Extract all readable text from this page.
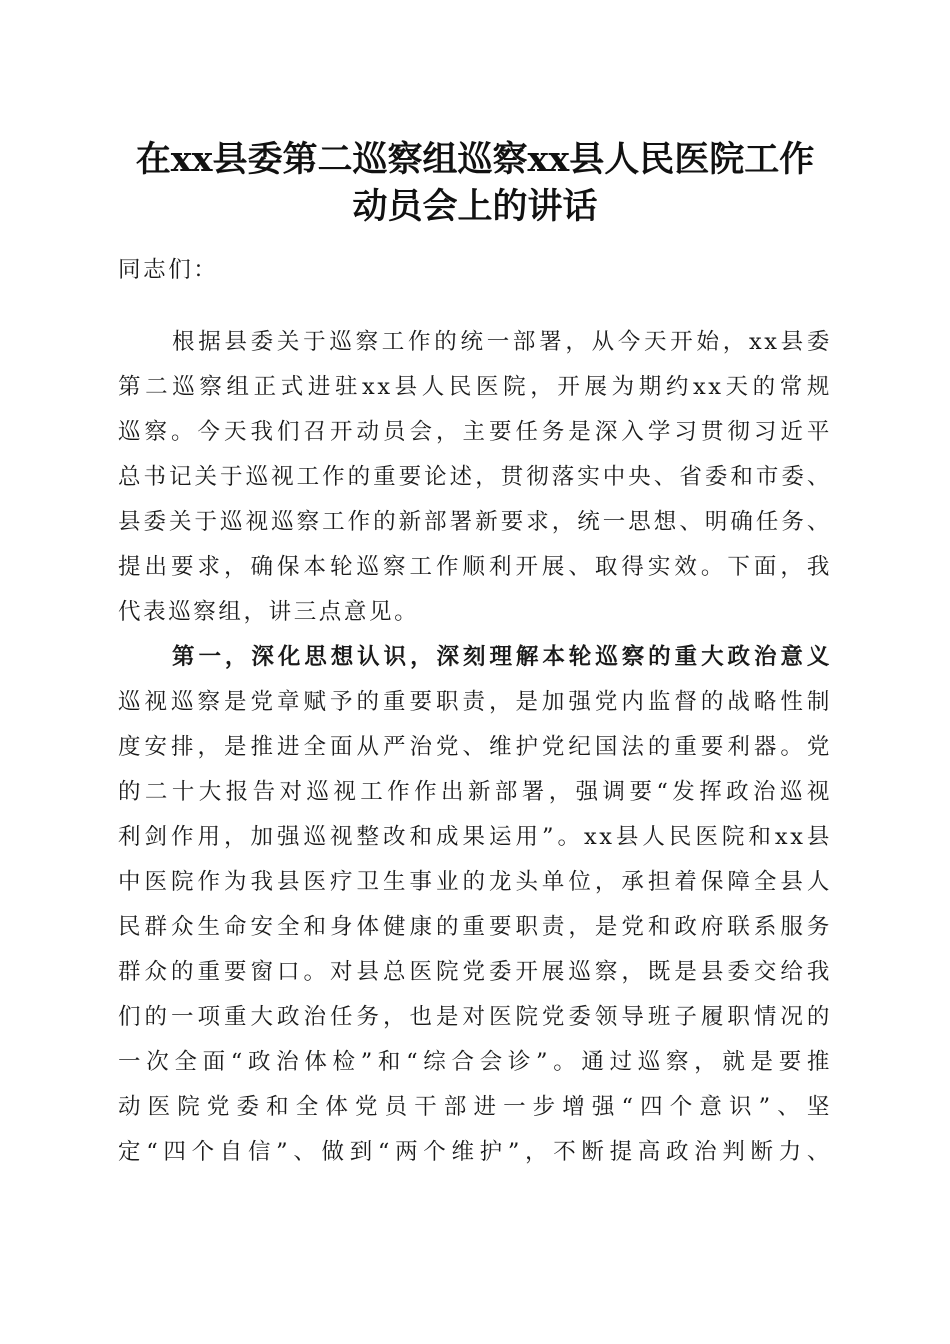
在xx县委第二巡察组巡察xx县人民医院工作
动员会上的讲话
同志们：
根据县委关于巡察工作的统一部署，从今天开始，xx县委
第二巡察组正式进驻xx县人民医院，开展为期约xx天的常规
巡察。今天我们召开动员会，主要任务是深入学习贯彻习近平
总书记关于巡视工作的重要论述，贯彻落实中央、省委和市委、
县委关于巡视巡察工作的新部署新要求，统一思想、明确任务、
提出要求，确保本轮巡察工作顺利开展、取得实效。下面，我
代表巡察组，讲三点意见。
第一，深化思想认识，深刻理解本轮巡察的重大政治意义
巡视巡察是党章赋予的重要职责，是加强党内监督的战略性制
度安排，是推进全面从严治党、维护党纪国法的重要利器。党
的二十大报告对巡视工作作出新部署，强调要“发挥政治巡视
利剑作用，加强巡视整改和成果运用”。xx县人民医院和xx县
中医院作为我县医疗卫生事业的龙头单位，承担着保障全县人
民群众生命安全和身体健康的重要职责，是党和政府联系服务
群众的重要窗口。对县总医院党委开展巡察，既是县委交给我
们的一项重大政治任务，也是对医院党委领导班子履职情况的
一次全面“政治体检”和“综合会诊”。通过巡察，就是要推
动医院党委和全体党员干部进一步增强“四个意识”、坚
定“四个自信”、做到“两个维护”，不断提高政治判断力、
